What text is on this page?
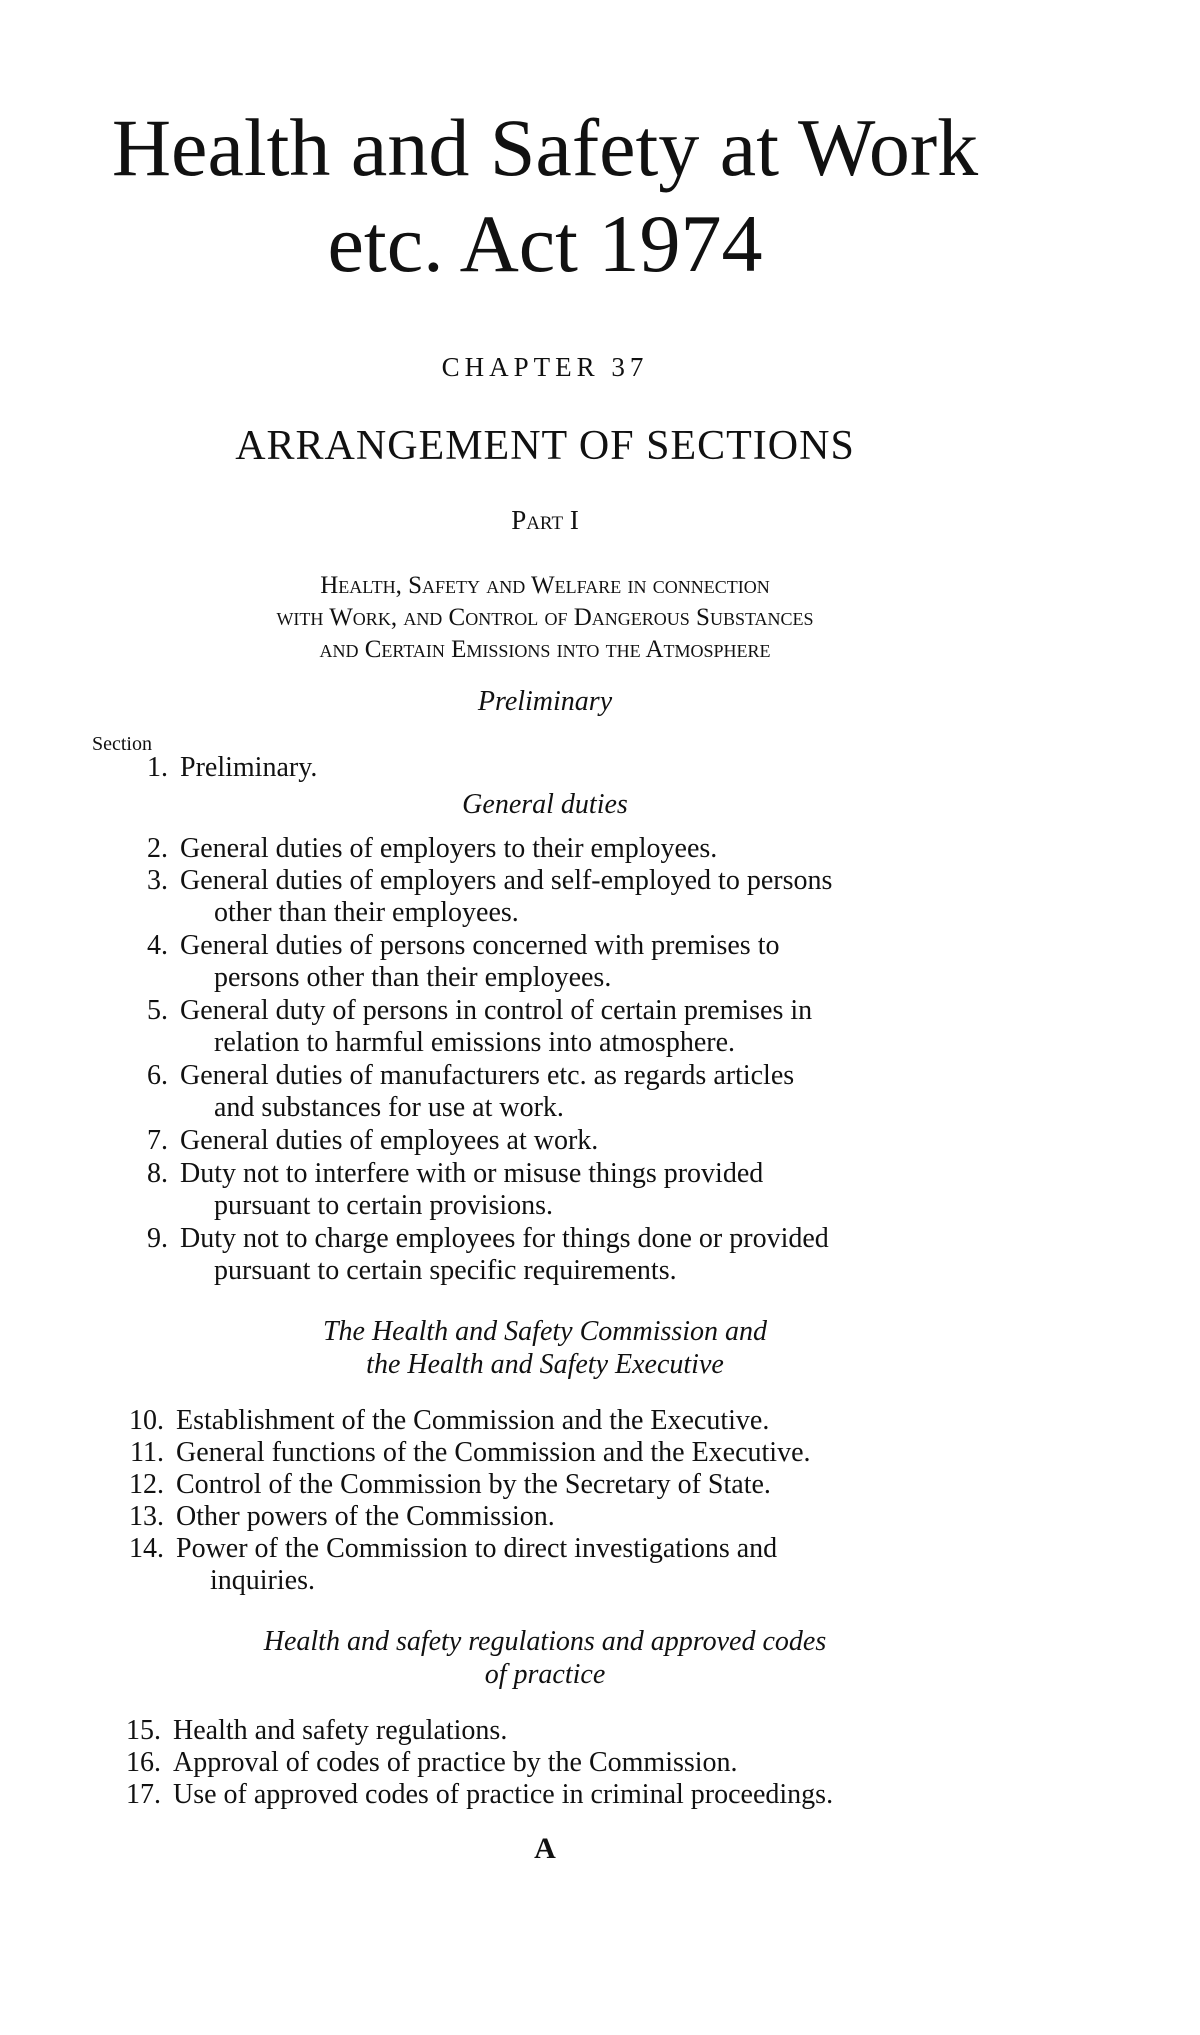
Health and Safety at Work
etc. Act 1974
CHAPTER 37
ARRANGEMENT OF SECTIONS
Part I
Health, Safety and Welfare in connection
with Work, and Control of Dangerous Substances
and Certain Emissions into the Atmosphere
Preliminary
Section
1. Preliminary.
General duties
2. General duties of employers to their employees.
3. General duties of employers and self-employed to persons
other than their employees.
4. General duties of persons concerned with premises to
persons other than their employees.
5. General duty of persons in control of certain premises in
relation to harmful emissions into atmosphere.
6. General duties of manufacturers etc. as regards articles
and substances for use at work.
7. General duties of employees at work.
8. Duty not to interfere with or misuse things provided
pursuant to certain provisions.
9. Duty not to charge employees for things done or provided
pursuant to certain specific requirements.
The Health and Safety Commission and
the Health and Safety Executive
10. Establishment of the Commission and the Executive.
11. General functions of the Commission and the Executive.
12. Control of the Commission by the Secretary of State.
13. Other powers of the Commission.
14. Power of the Commission to direct investigations and
inquiries.
Health and safety regulations and approved codes
of practice
15. Health and safety regulations.
16. Approval of codes of practice by the Commission.
17. Use of approved codes of practice in criminal proceedings.
A
